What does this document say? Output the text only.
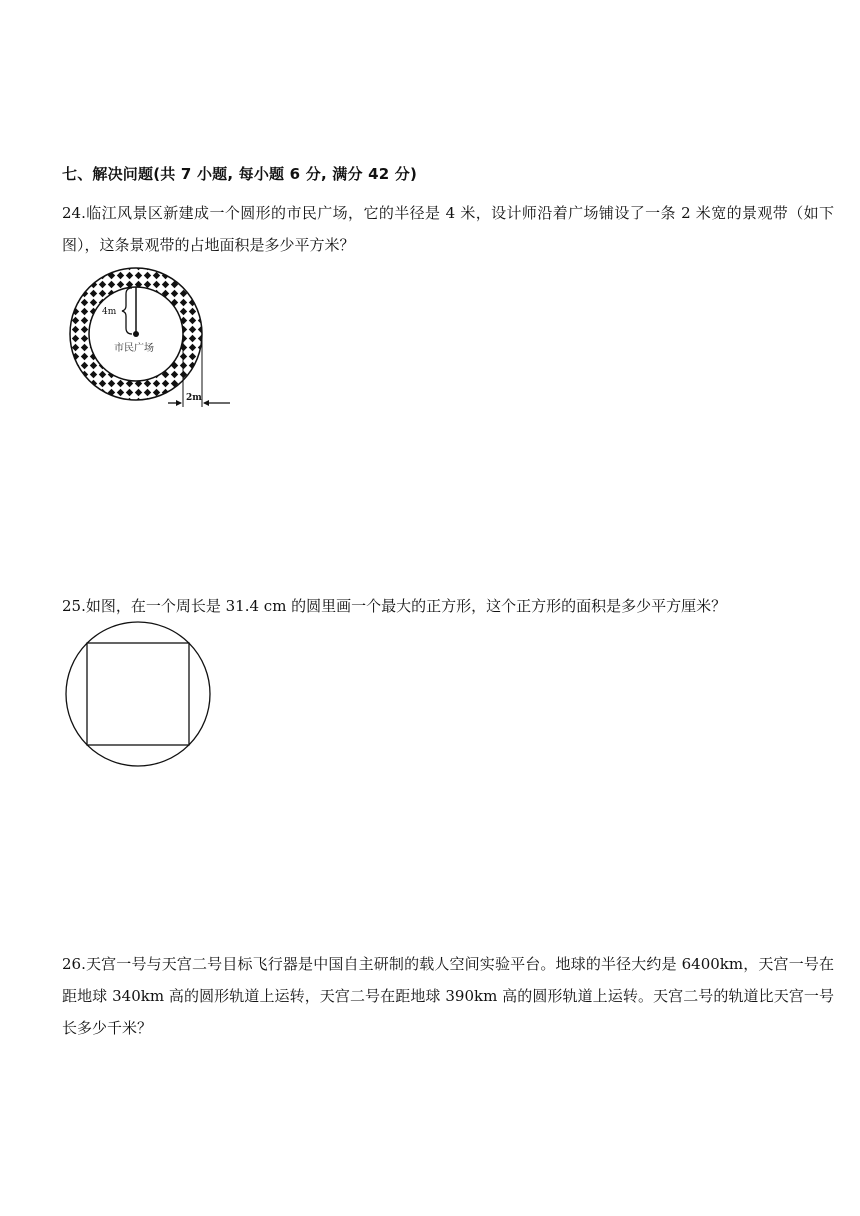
七、解决问题(共 7 小题, 每小题 6 分, 满分 42 分)
24.临江风景区新建成一个圆形的市民广场，它的半径是 4 米，设计师沿着广场铺设了一条 2 米宽的景观带（如下图），这条景观带的占地面积是多少平方米？
4m
市民广场
2m
25.如图，在一个周长是 31.4 cm 的圆里画一个最大的正方形，这个正方形的面积是多少平方厘米？
26.天宫一号与天宫二号目标飞行器是中国自主研制的载人空间实验平台。地球的半径大约是 6400km，天宫一号在距地球 340km 高的圆形轨道上运转，天宫二号在距地球 390km 高的圆形轨道上运转。天宫二号的轨道比天宫一号长多少千米？
